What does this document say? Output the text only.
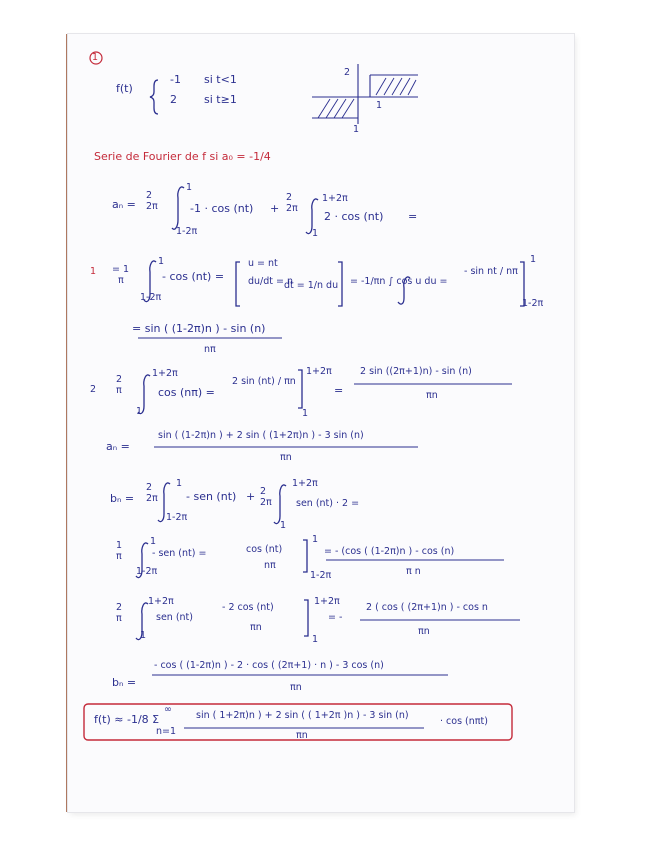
1
f(t)
-1 si t<1
2 si t≥1
2
1
1
Serie de Fourier de f si a₀ = -1/4
aₙ =
2
2π
1
1-2π
-1 · cos (nt) +
2
2π
1+2π
1
2 · cos (nt) =
1 = 1
π
1
1-2π
- cos (nt) =
u = nt
du/dt = n
dt = 1/n du = -1/πn ∫ cos u du =
- sin nt / nπ
1
1-2π
= sin ( (1-2π)n ) - sin (n)
nπ
2
2
π
1+2π
1
cos (nπ) =
2 sin (nt) / πn
1+2π
1
=
2 sin ((2π+1)n) - sin (n)
πn
aₙ =
sin ( (1-2π)n ) + 2 sin ( (1+2π)n ) - 3 sin (n)
πn
bₙ =
2
2π
1
1-2π
- sen (nt) + 2
2π
1+2π
1
sen (nt) · 2 =
1
π
1
1-2π
- sen (nt) =	cos (nt)
nπ
1
1-2π
= - (cos ( (1-2π)n ) - cos (n)
π n
2
π
1+2π
1
sen (nt)
- 2 cos (nt)
πn
1+2π
1
= -
2 ( cos ( (2π+1)n ) - cos n
πn
bₙ =
- cos ( (1-2π)n ) - 2 · cos ( (2π+1) · n ) - 3 cos (n)
πn
f(t) ≈ -1/8 Σ
∞
n=1
sin ( 1+2π)n ) + 2 sin ( ( 1+2π )n ) - 3 sin (n)
πn
· cos (nπt)
